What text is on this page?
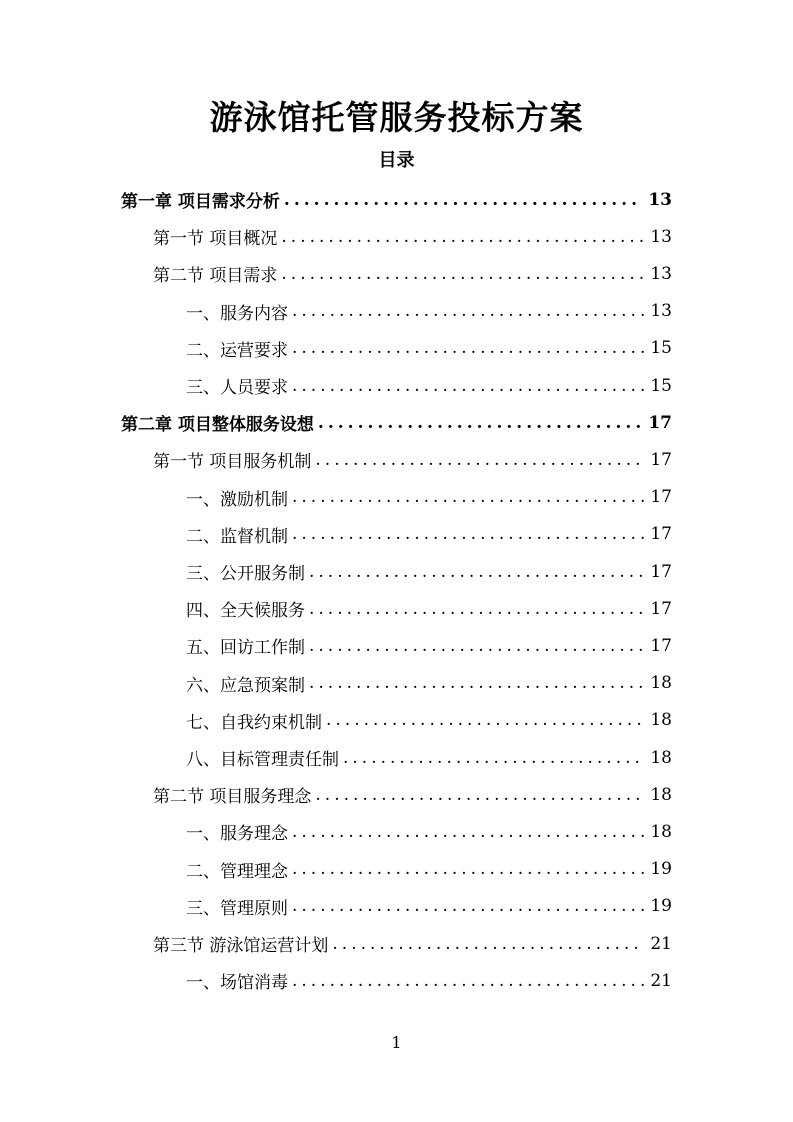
游泳馆托管服务投标方案
目录
第一章 项目需求分析 .....	13
第一节 项目概况 .....	13
第二节 项目需求 .....	13
一、服务内容 .....	13
二、运营要求 .....	15
三、人员要求 .....	15
第二章 项目整体服务设想 .....	17
第一节 项目服务机制 .....	17
一、激励机制 .....	17
二、监督机制 .....	17
三、公开服务制 .....	17
四、全天候服务 .....	17
五、回访工作制 .....	17
六、应急预案制 .....	18
七、自我约束机制 .....	18
八、目标管理责任制 .....	18
第二节 项目服务理念 .....	18
一、服务理念 .....	18
二、管理理念 .....	19
三、管理原则 .....	19
第三节 游泳馆运营计划 .....	21
一、场馆消毒 .....	21
1
